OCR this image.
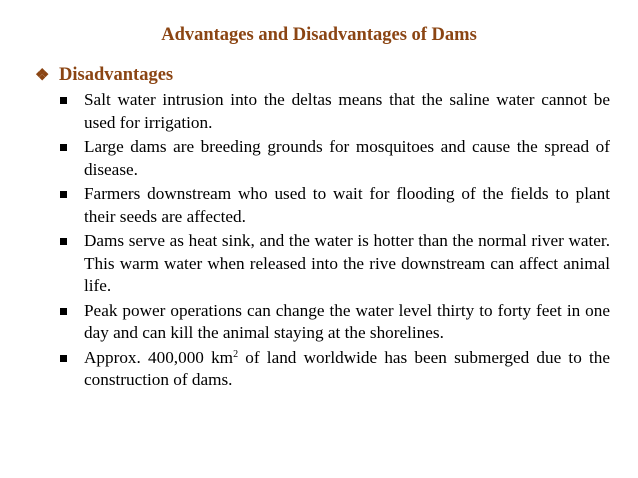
Advantages and Disadvantages of Dams
❖ Disadvantages
Salt water intrusion into the deltas means that the saline water cannot be used for irrigation.
Large dams are breeding grounds for mosquitoes and cause the spread of disease.
Farmers downstream who used to wait for flooding of the fields to plant their seeds are affected.
Dams serve as heat sink, and the water is hotter than the normal river water. This warm water when released into the rive downstream can affect animal life.
Peak power operations can change the water level thirty to forty feet in one day and can kill the animal staying at the shorelines.
Approx. 400,000 $km^2$ of land worldwide has been submerged due to the construction of dams.
